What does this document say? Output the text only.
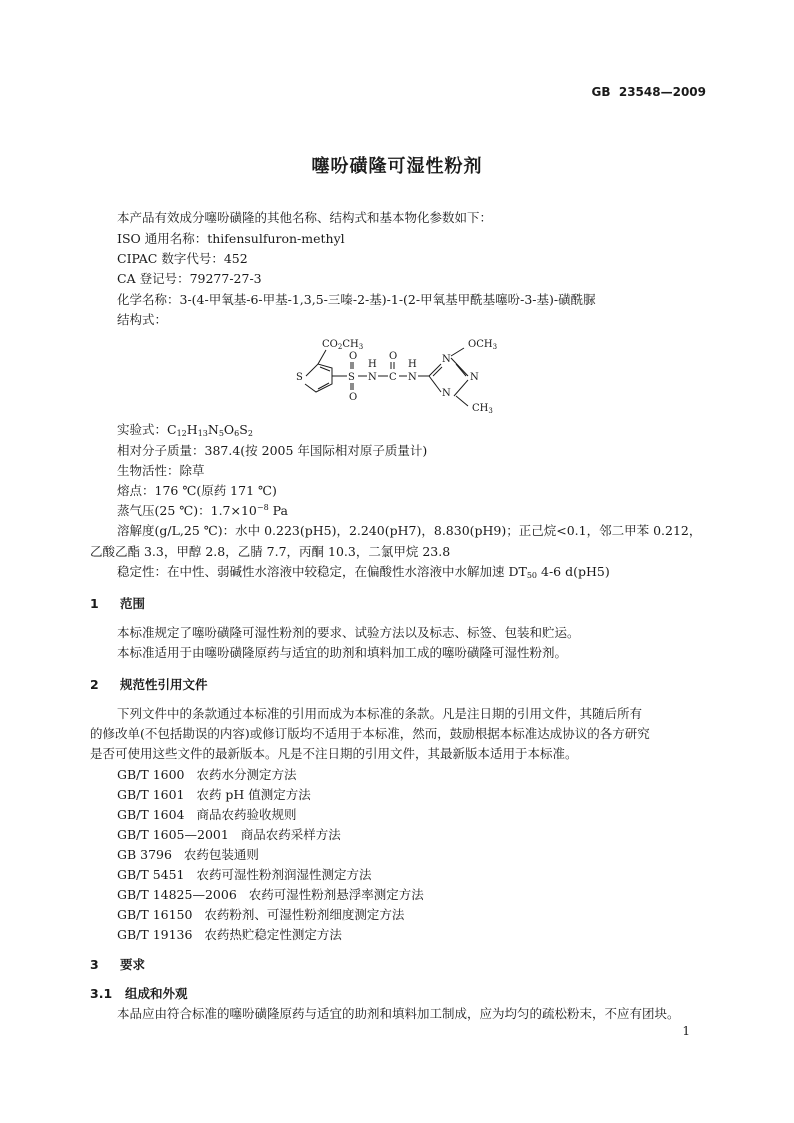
GB 23548—2009
噻吩磺隆可湿性粉剂
本产品有效成分噻吩磺隆的其他名称、结构式和基本物化参数如下：
ISO 通用名称：thifensulfuron-methyl
CIPAC 数字代号：452
CA 登记号：79277-27-3
化学名称：3-(4-甲氧基-6-甲基-1,3,5-三嗪-2-基)-1-(2-甲氧基甲酰基噻吩-3-基)-磺酰脲
结构式：
$CO_2CH_3$
S	S
O
O
H
N C
O
H
N
$OCH_3$
N
N
N
$CH_3$
实验式：$C_{12}H_{13}N_5O_6S_2$
相对分子质量：387.4(按 2005 年国际相对原子质量计)
生物活性：除草
熔点：176 ℃(原药 171 ℃)
蒸气压(25 ℃)：$1.7\times 10^{-8}$ Pa
溶解度(g/L,25 ℃)：水中 0.223(pH5)，2.240(pH7)，8.830(pH9)；正己烷<0.1，邻二甲苯 0.212，
乙酸乙酯 3.3，甲醇 2.8，乙腈 7.7，丙酮 10.3，二氯甲烷 23.8
稳定性：在中性、弱碱性水溶液中较稳定，在偏酸性水溶液中水解加速 $DT_{50}$ 4-6 d(pH5)
1 范围
本标准规定了噻吩磺隆可湿性粉剂的要求、试验方法以及标志、标签、包装和贮运。
本标准适用于由噻吩磺隆原药与适宜的助剂和填料加工成的噻吩磺隆可湿性粉剂。
2 规范性引用文件
下列文件中的条款通过本标准的引用而成为本标准的条款。凡是注日期的引用文件，其随后所有
的修改单(不包括勘误的内容)或修订版均不适用于本标准，然而，鼓励根据本标准达成协议的各方研究
是否可使用这些文件的最新版本。凡是不注日期的引用文件，其最新版本适用于本标准。
GB/T 1600 农药水分测定方法
GB/T 1601 农药 pH 值测定方法
GB/T 1604 商品农药验收规则
GB/T 1605—2001 商品农药采样方法
GB 3796 农药包装通则
GB/T 5451 农药可湿性粉剂润湿性测定方法
GB/T 14825—2006 农药可湿性粉剂悬浮率测定方法
GB/T 16150 农药粉剂、可湿性粉剂细度测定方法
GB/T 19136 农药热贮稳定性测定方法
3 要求
3.1 组成和外观
本品应由符合标准的噻吩磺隆原药与适宜的助剂和填料加工制成，应为均匀的疏松粉末，不应有团块。
1
